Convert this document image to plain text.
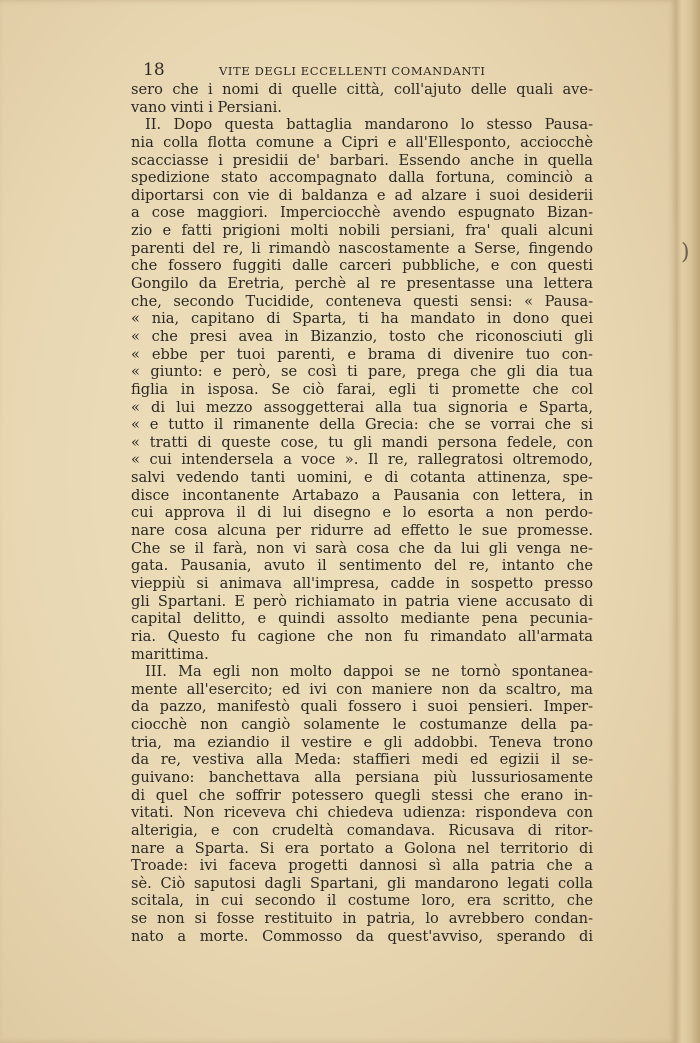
18	VITE DEGLI ECCELLENTI COMANDANTI
sero che i nomi di quelle città, coll'ajuto delle quali ave-
vano vinti i Persiani.
II. Dopo questa battaglia mandarono lo stesso Pausa-
nia colla flotta comune a Cipri e all'Ellesponto, acciocchè
scacciasse i presidii de' barbari. Essendo anche in quella
spedizione stato accompagnato dalla fortuna, cominciò a
diportarsi con vie di baldanza e ad alzare i suoi desiderii
a cose maggiori. Imperciocchè avendo espugnato Bizan-
zio e fatti prigioni molti nobili persiani, fra' quali alcuni
parenti del re, li rimandò nascostamente a Serse, fingendo
che fossero fuggiti dalle carceri pubbliche, e con questi
Gongilo da Eretria, perchè al re presentasse una lettera
che, secondo Tucidide, conteneva questi sensi: « Pausa-
« nia, capitano di Sparta, ti ha mandato in dono quei
« che presi avea in Bizanzio, tosto che riconosciuti gli
« ebbe per tuoi parenti, e brama di divenire tuo con-
« giunto: e però, se così ti pare, prega che gli dia tua
figlia in isposa. Se ciò farai, egli ti promette che col
« di lui mezzo assoggetterai alla tua signoria e Sparta,
« e tutto il rimanente della Grecia: che se vorrai che si
« tratti di queste cose, tu gli mandi persona fedele, con
« cui intendersela a voce ». Il re, rallegratosi oltremodo,
salvi vedendo tanti uomini, e di cotanta attinenza, spe-
disce incontanente Artabazo a Pausania con lettera, in
cui approva il di lui disegno e lo esorta a non perdo-
nare cosa alcuna per ridurre ad effetto le sue promesse.
Che se il farà, non vi sarà cosa che da lui gli venga ne-
gata. Pausania, avuto il sentimento del re, intanto che
vieppiù si animava all'impresa, cadde in sospetto presso
gli Spartani. E però richiamato in patria viene accusato di
capital delitto, e quindi assolto mediante pena pecunia-
ria. Questo fu cagione che non fu rimandato all'armata
marittima.
III. Ma egli non molto dappoi se ne tornò spontanea-
mente all'esercito; ed ivi con maniere non da scaltro, ma
da pazzo, manifestò quali fossero i suoi pensieri. Imper-
ciocchè non cangiò solamente le costumanze della pa-
tria, ma eziandio il vestire e gli addobbi. Teneva trono
da re, vestiva alla Meda: staffieri medi ed egizii il se-
guivano: banchettava alla persiana più lussuriosamente
di quel che soffrir potessero quegli stessi che erano in-
vitati. Non riceveva chi chiedeva udienza: rispondeva con
alterigia, e con crudeltà comandava. Ricusava di ritor-
nare a Sparta. Si era portato a Golona nel territorio di
Troade: ivi faceva progetti dannosi sì alla patria che a
sè. Ciò saputosi dagli Spartani, gli mandarono legati colla
scitala, in cui secondo il costume loro, era scritto, che
se non si fosse restituito in patria, lo avrebbero condan-
nato a morte. Commosso da quest'avviso, sperando di
)
